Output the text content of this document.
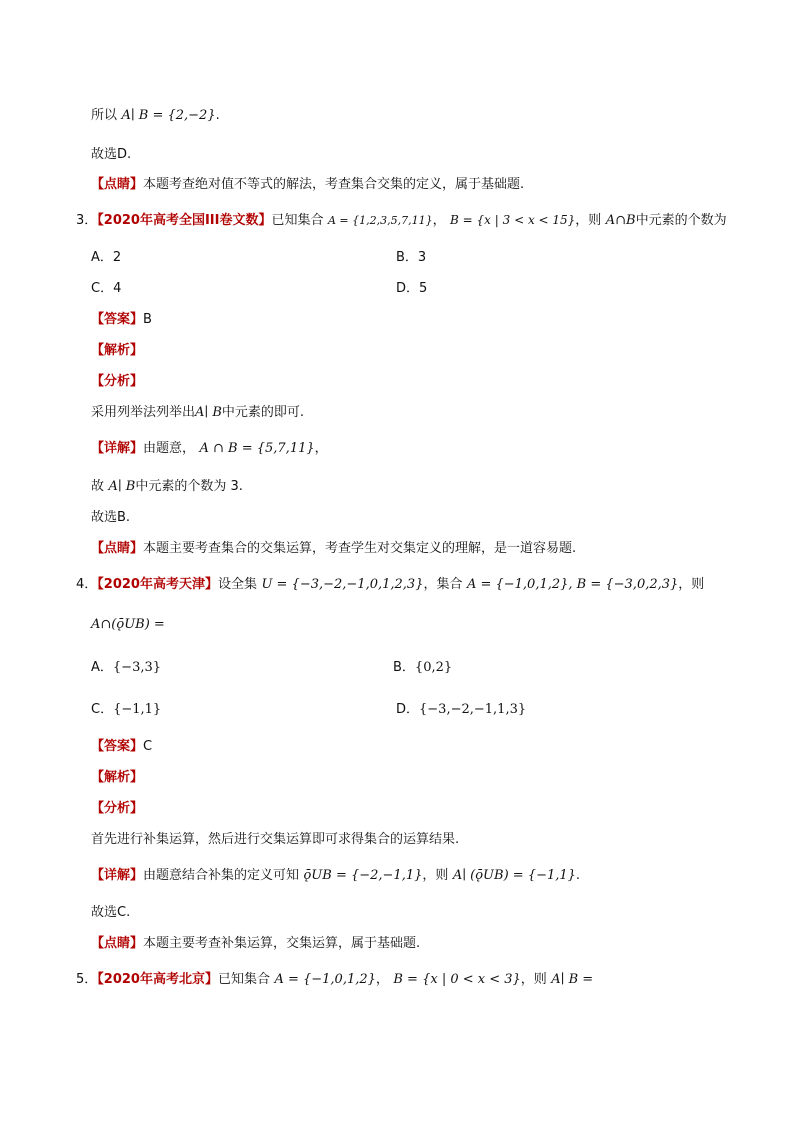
所以 A∣ B = {2,−2}.
故选D.
【点睛】本题考查绝对值不等式的解法，考查集合交集的定义，属于基础题.
3．【2020年高考全国III卷文数】已知集合 A = {1,2,3,5,7,11}， B = {x | 3 < x < 15}，则 A∩B中元素的个数为
A．2	B．3
C．4	D．5
【答案】B
【解析】
【分析】
采用列举法列举出A∣ B中元素的即可.
【详解】由题意， A ∩ B = {5,7,11}，
故 A∣ B中元素的个数为 3.
故选B.
【点睛】本题主要考查集合的交集运算，考查学生对交集定义的理解，是一道容易题.
4．【2020年高考天津】设全集 U = {−3,−2,−1,0,1,2,3}，集合 A = {−1,0,1,2}, B = {−3,0,2,3}，则
A∩(ǭUB) =
A．{−3,3}	B．{0,2}
C．{−1,1}	D．{−3,−2,−1,1,3}
【答案】C
【解析】
【分析】
首先进行补集运算，然后进行交集运算即可求得集合的运算结果.
【详解】由题意结合补集的定义可知 ǭUB = {−2,−1,1}，则 A∣ (ǭUB) = {−1,1}.
故选C.
【点睛】本题主要考查补集运算，交集运算，属于基础题.
5．【2020年高考北京】已知集合 A = {−1,0,1,2}， B = {x | 0 < x < 3}，则 A∣ B =
